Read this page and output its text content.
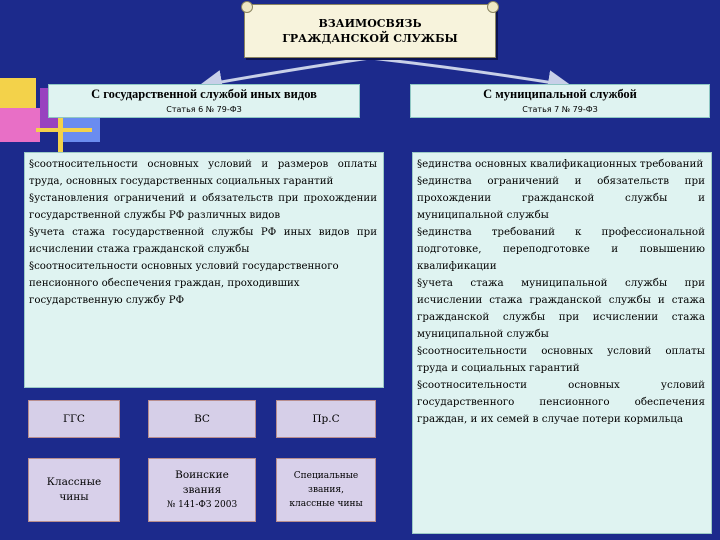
ВЗАИМОСВЯЗЬ
ГРАЖДАНСКОЙ СЛУЖБЫ
С государственной службой иных видов
Статья 6 № 79-ФЗ
С муниципальной службой
Статья 7 № 79-ФЗ

§соотносительности основных условий и размеров оплаты труда, основных государственных социальных гарантий

§установления ограничений и обязательств при прохождении государственной службы РФ различных видов

§учета стажа государственной службы РФ иных видов при исчислении стажа гражданской службы

§соотносительности основных условий государственного пенсионного обеспечения граждан, проходивших государственную службу РФ

§единства основных квалификационных требований

§единства ограничений и обязательств при прохождении гражданской службы и муниципальной службы

§единства требований к профессиональной подготовке, переподготовке и повышению квалификации

§учета стажа муниципальной службы при исчислении стажа гражданской службы и стажа гражданской службы при исчислении стажа муниципальной службы

§соотносительности основных условий оплаты труда и социальных гарантий

§соотносительности основных условий государственного пенсионного обеспечения граждан, и их семей в случае потери кормильца

ГГС	ВС	Пр.С
Классные
чины
Воинские
звания
№ 141-ФЗ 2003
Специальные
звания,
классные чины
